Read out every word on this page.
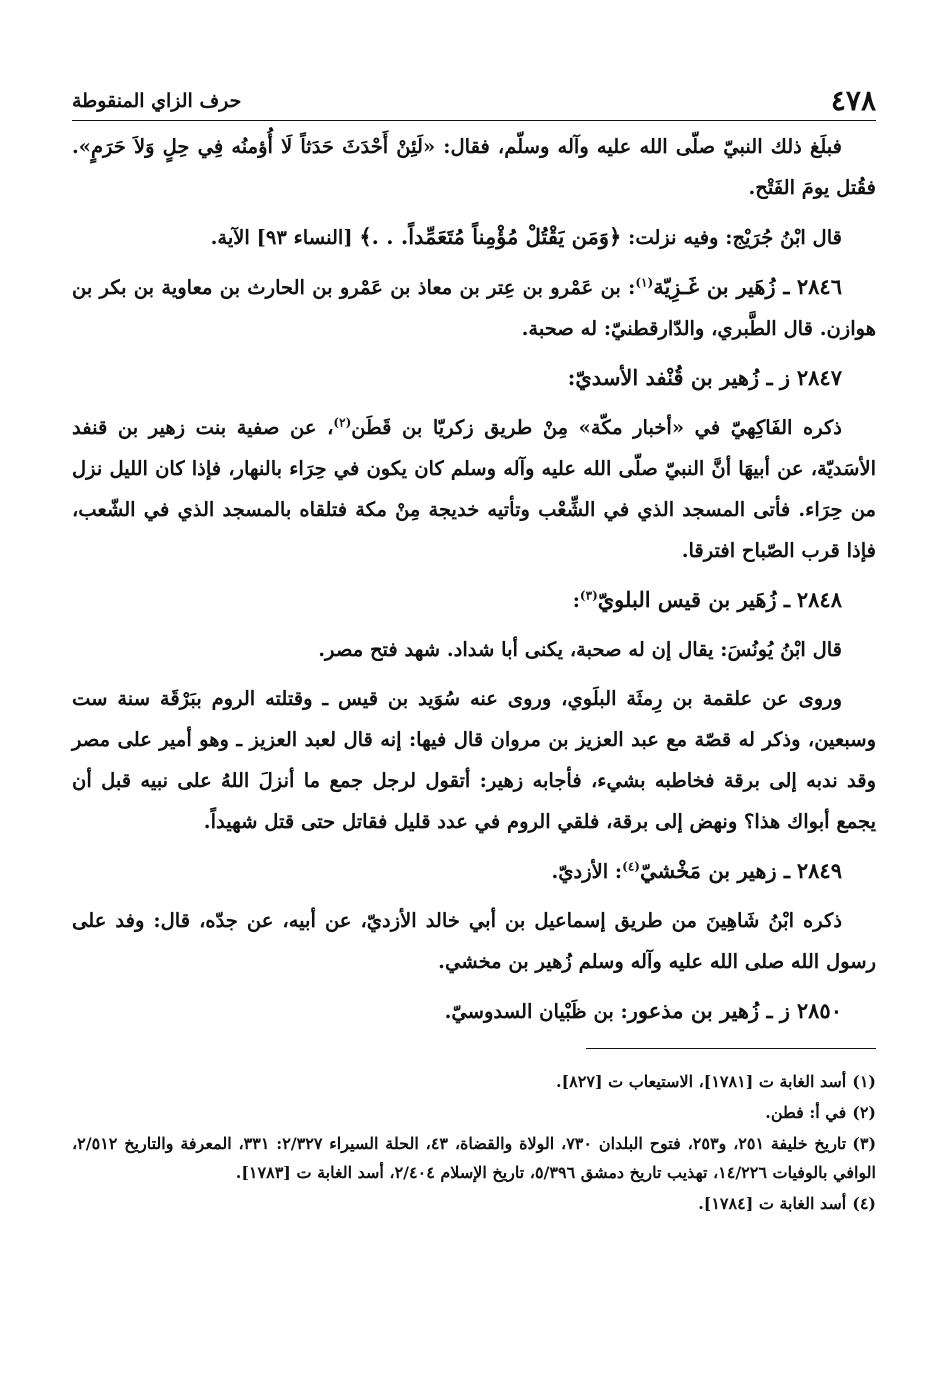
٤٧٨
حرف الزاي المنقوطة

فبلَغ ذلك النبيّ صلّى الله عليه وآله وسلّم، فقال: «لَئِنْ أَحْدَثَ حَدَثاً لَا أُؤمنُه فِي حِلٍ وَلاَ حَرَمٍ». فقُتل يومَ الفَتْح.

قال ابْنُ جُرَيْج: وفيه نزلت: ﴿وَمَن يَقْتُلْ مُؤْمِناً مُتَعَمِّداً. . .﴾ [النساء ٩٣] الآية.

٢٨٤٦ ـ زُهَير بن غَـزِيّة$^{(١)}$: بن عَمْرو بن عِتر بن معاذ بن عَمْرو بن الحارث بن معاوية بن بكر بن هوازن. قال الطَّبري، والدّارقطنيّ: له صحبة.

٢٨٤٧ ز ـ زُهير بن قُنْفد الأسديّ:

ذكره الفَاكِهيّ في «أخبار مكّة» مِنْ طريق زكريّا بن قَطَن$^{(٢)}$، عن صفية بنت زهير بن قنفد الأسَديّة، عن أبيهَا أنَّ النبيّ صلّى الله عليه وآله وسلم كان يكون في حِرَاء بالنهار، فإذا كان الليل نزل من حِرَاء. فأتى المسجد الذي في الشِّعْب وتأتيه خديجة مِنْ مكة فتلقاه بالمسجد الذي في الشّعب، فإذا قرب الصّباح افترقا.

٢٨٤٨ ـ زُهَير بن قيس البلويّ$^{(٣)}$:

قال ابْنُ يُونُسَ: يقال إن له صحبة، يكنى أبا شداد. شهد فتح مصر.

وروى عن علقمة بن رِمثَة البلَوي، وروى عنه سُوَيد بن قيس ـ وقتلته الروم ببَرْقَة سنة ست وسبعين، وذكر له قصّة مع عبد العزيز بن مروان قال فيها: إنه قال لعبد العزيز ـ وهو أمير على مصر وقد ندبه إلى برقة فخاطبه بشيء، فأجابه زهير: أتقول لرجل جمع ما أنزلَ اللهُ على نبيه قبل أن يجمع أبواك هذا؟ ونهض إلى برقة، فلقي الروم في عدد قليل فقاتل حتى قتل شهيداً.

٢٨٤٩ ـ زهير بن مَخْشيّ$^{(٤)}$: الأزديّ.

ذكره ابْنُ شَاهِينَ من طريق إسماعيل بن أبي خالد الأزديّ، عن أبيه، عن جدّه، قال: وفد على رسول الله صلى الله عليه وآله وسلم زُهير بن مخشي.

٢٨٥٠ ز ـ زُهير بن مذعور: بن ظَبْيان السدوسيّ.

(١)أسد الغابة ت [١٧٨١]، الاستيعاب ت [٨٢٧].

(٢)في أ: فطن.

(٣)تاريخ خليفة ٢٥١، و٢٥٣، فتوح البلدان ٧٣٠، الولاة والقضاة، ٤٣، الحلة السيراء ٢/٣٢٧: ٣٣١، المعرفة والتاريخ ٢/٥١٢، الوافي بالوفيات ١٤/٢٢٦، تهذيب تاريخ دمشق ٥/٣٩٦، تاريخ الإسلام ٢/٤٠٤، أسد الغابة ت [١٧٨٣].

(٤)أسد الغابة ت [١٧٨٤].
